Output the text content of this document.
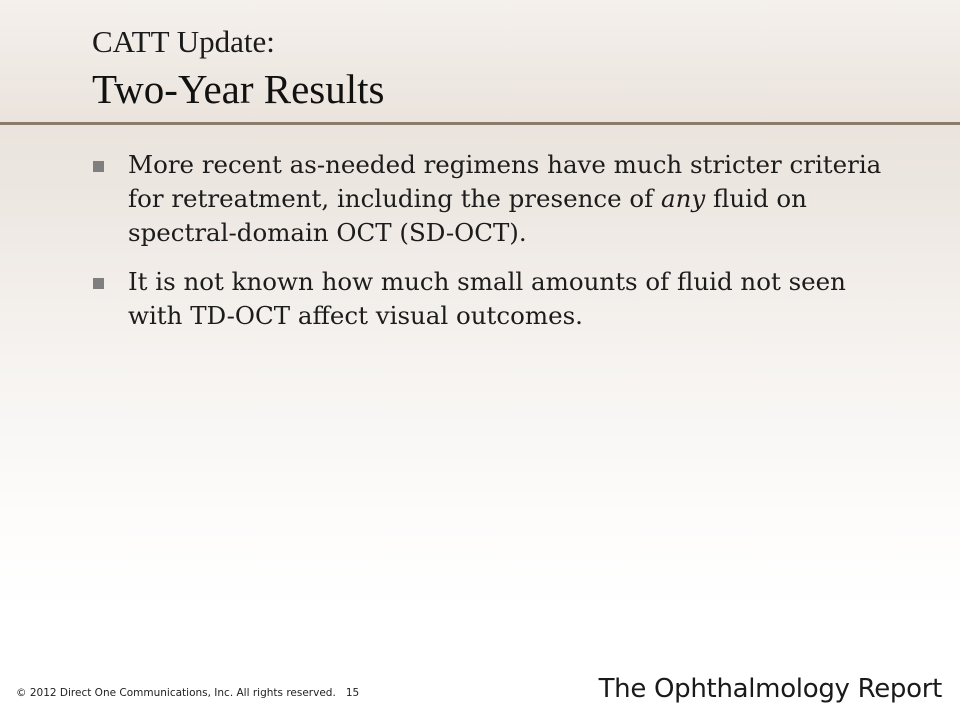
CATT Update:
Two-Year Results
More recent as-needed regimens have much stricter criteria for retreatment, including the presence of any fluid on spectral-domain OCT (SD-OCT).
It is not known how much small amounts of fluid not seen with TD-OCT affect visual outcomes.
© 2012 Direct One Communications, Inc. All rights reserved. 15	The Ophthalmology Report
